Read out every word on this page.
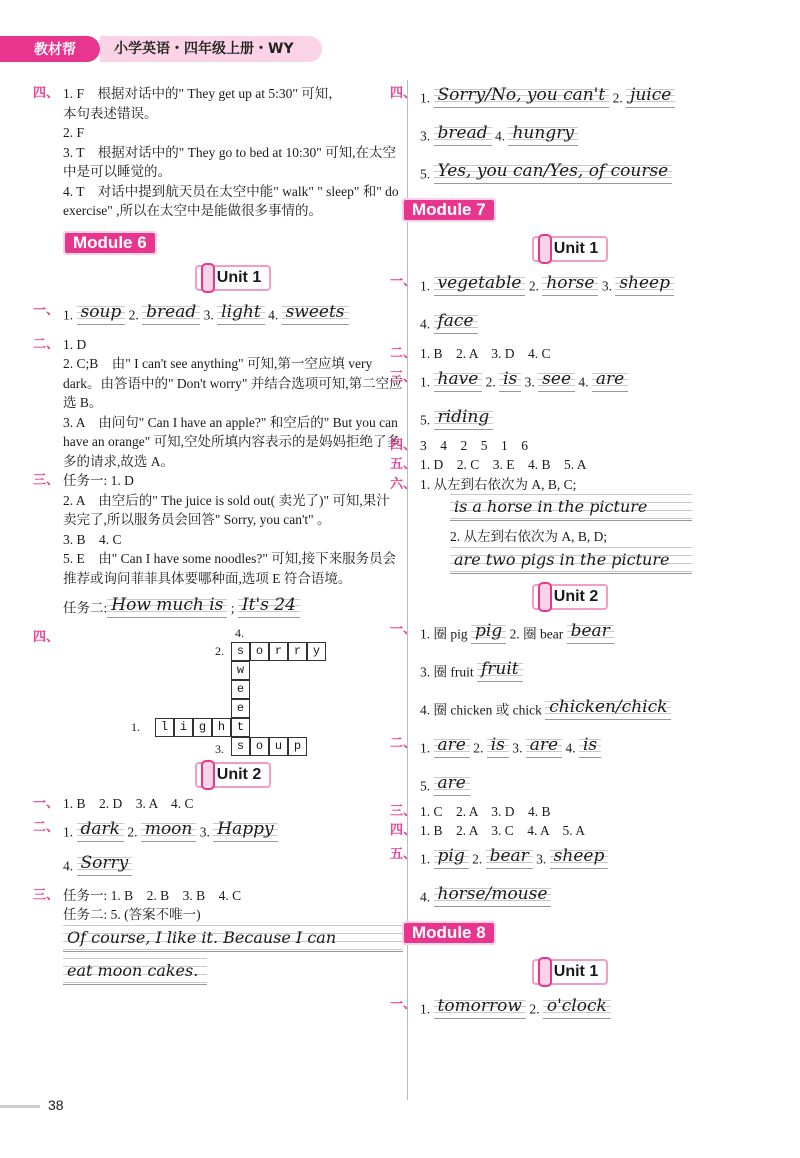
教材帮	小学英语・四年级上册・WY
四、 1. F　根据对话中的" They get up at 5:30" 可知，
本句表述错误。
2. F
3. T　根据对话中的" They go to bed at 10:30" 可知,在太空中是可以睡觉的。
4. T　对话中提到航天员在太空中能" walk" " sleep" 和" do exercise" ,所以在太空中是能做很多事情的。
Module 6
Unit 1
一、 1. soup 2. bread 3. light 4. sweets
二、 1. D
2. C;B　由" I can't see anything" 可知,第一空应填 very dark。由答语中的" Don't worry" 并结合选项可知,第二空应选 B。
3. A　由问句" Can I have an apple?" 和空后的" But you can have an orange" 可知,空处所填内容表示的是妈妈拒绝了多多的请求,故选 A。
三、 任务一: 1. D
2. A　由空后的" The juice is sold out( 卖光了)" 可知,果汁卖完了,所以服务员会回答" Sorry, you can't" 。
3. B　4. C
5. E　由" Can I have some noodles?" 可知,接下来服务员会推荐或询问菲菲具体要哪种面,选项 E 符合语境。
任务二: How much is ; It's 24
四、	4.
2.	s o r r y
w
e
e
1.	l i g h t
3.	s o u p
Unit 2
一、 1. B　2. D　3. A　4. C
二、 1. dark 2. moon 3. Happy
4. Sorry
三、 任务一: 1. B　2. B　3. B　4. C
任务二: 5. (答案不唯一)
Of course, I like it. Because I can
eat moon cakes.
四、 1. Sorry/No, you can't 2. juice
3. bread 4. hungry
5. Yes, you can/Yes, of course
Module 7
Unit 1
一、 1. vegetable 2. horse 3. sheep
4. face
二、 1. B　2. A　3. D　4. C
三、 1. have 2. is 3. see 4. are
5. riding
四、 3　4　2　5　1　6
五、 1. D　2. C　3. E　4. B　5. A
六、 1. 从左到右依次为 A, B, C;
is a horse in the picture
2. 从左到右依次为 A, B, D;
are two pigs in the picture
Unit 2
一、 1. 圈 pig pig 2. 圈 bear bear
3. 圈 fruit fruit
4. 圈 chicken 或 chick chicken/chick
二、 1. are 2. is 3. are 4. is
5. are
三、 1. C　2. A　3. D　4. B
四、 1. B　2. A　3. C　4. A　5. A
五、 1. pig 2. bear 3. sheep
4. horse/mouse
Module 8
Unit 1
一、 1. tomorrow 2. o'clock
38
